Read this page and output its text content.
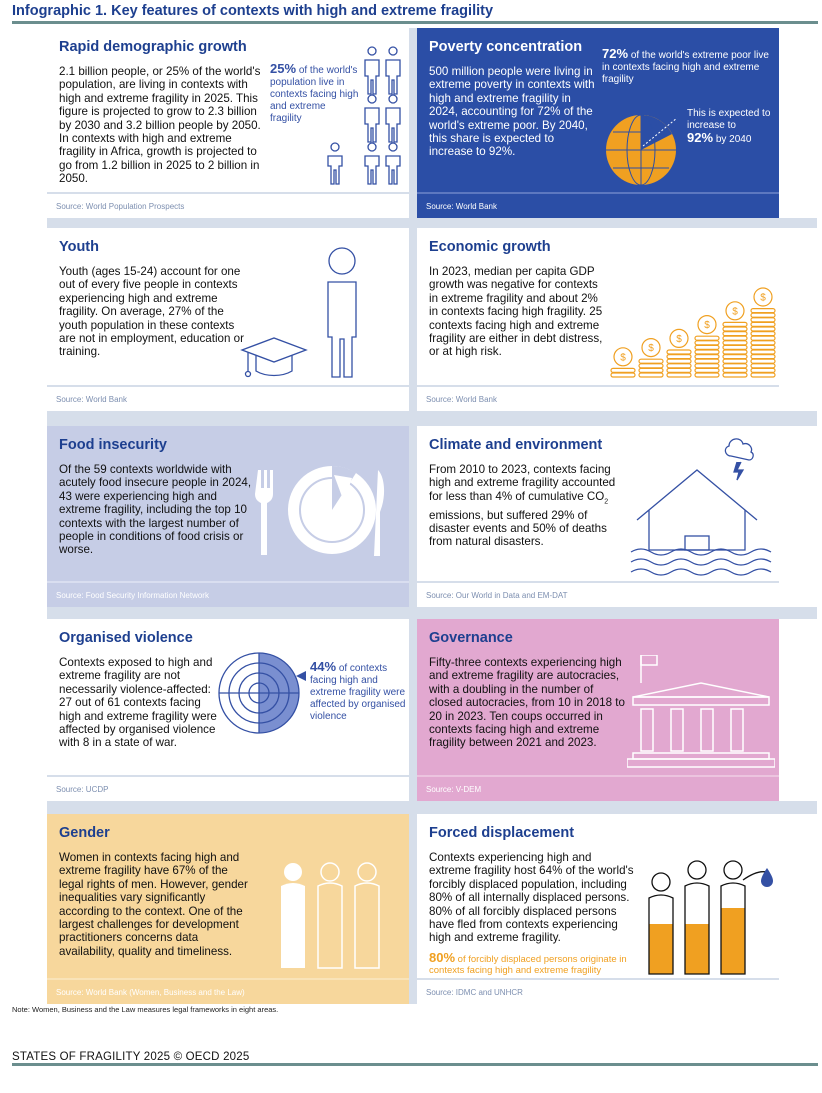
Infographic 1. Key features of contexts with high and extreme fragility
Rapid demographic growth
2.1 billion people, or 25% of the world's population, are living in contexts with high and extreme fragility in 2025. This figure is projected to grow to 2.3 billion by 2030 and 3.2 billion people by 2050. In contexts with high and extreme fragility in Africa, growth is projected to go from 1.2 billion in 2025 to 2 billion in 2050.
25% of the world's population live in contexts facing high and extreme fragility
Source: World Population Prospects
Poverty concentration
500 million people were living in extreme poverty in contexts with high and extreme fragility in 2024, accounting for 72% of the world's extreme poor. By 2040, this share is expected to increase to 92%.
72% of the world's extreme poor live in contexts facing high and extreme fragility
This is expected to increase to
92% by 2040
Source: World Bank
Youth
Youth (ages 15-24) account for one out of every five people in contexts experiencing high and extreme fragility. On average, 27% of the youth population in these contexts are not in employment, education or training.
Source: World Bank
Economic growth
In 2023, median per capita GDP growth was negative for contexts in extreme fragility and about 2% in contexts facing high fragility. 25 contexts facing high and extreme fragility are either in debt distress, or at high risk.	$
$
$
$
$
$
Source: World Bank
Food insecurity
Of the 59 contexts worldwide with acutely food insecure people in 2024, 43 were experiencing high and extreme fragility, including the top 10 contexts with the largest number of people in conditions of food crisis or worse.
Source: Food Security Information Network
Climate and environment
From 2010 to 2023, contexts facing high and extreme fragility accounted for less than 4% of cumulative $CO_2$ emissions, but suffered 29% of disaster events and 50% of deaths from natural disasters.
Source: Our World in Data and EM-DAT
Organised violence
Contexts exposed to high and extreme fragility are not necessarily violence-affected: 27 out of 61 contexts facing high and extreme fragility were affected by organised violence with 8 in a state of war.
44% of contexts facing high and extreme fragility were affected by organised violence
Source: UCDP
Governance
Fifty-three contexts experiencing high and extreme fragility are autocracies, with a doubling in the number of closed autocracies, from 10 in 2018 to 20 in 2023. Ten coups occurred in contexts facing high and extreme fragility between 2021 and 2023.
Source: V-DEM
Gender
Women in contexts facing high and extreme fragility have 67% of the legal rights of men. However, gender inequalities vary significantly according to the context. One of the largest challenges for development practitioners concerns data availability, quality and timeliness.
Source: World Bank (Women, Business and the Law)
Forced displacement
Contexts experiencing high and extreme fragility host 64% of the world's forcibly displaced population, including 80% of all internally displaced persons. 80% of all forcibly displaced persons have fled from contexts experiencing high and extreme fragility.
80% of forcibly displaced persons originate in contexts facing high and extreme fragility
Source: IDMC and UNHCR
Note: Women, Business and the Law measures legal frameworks in eight areas.
STATES OF FRAGILITY 2025 © OECD 2025
